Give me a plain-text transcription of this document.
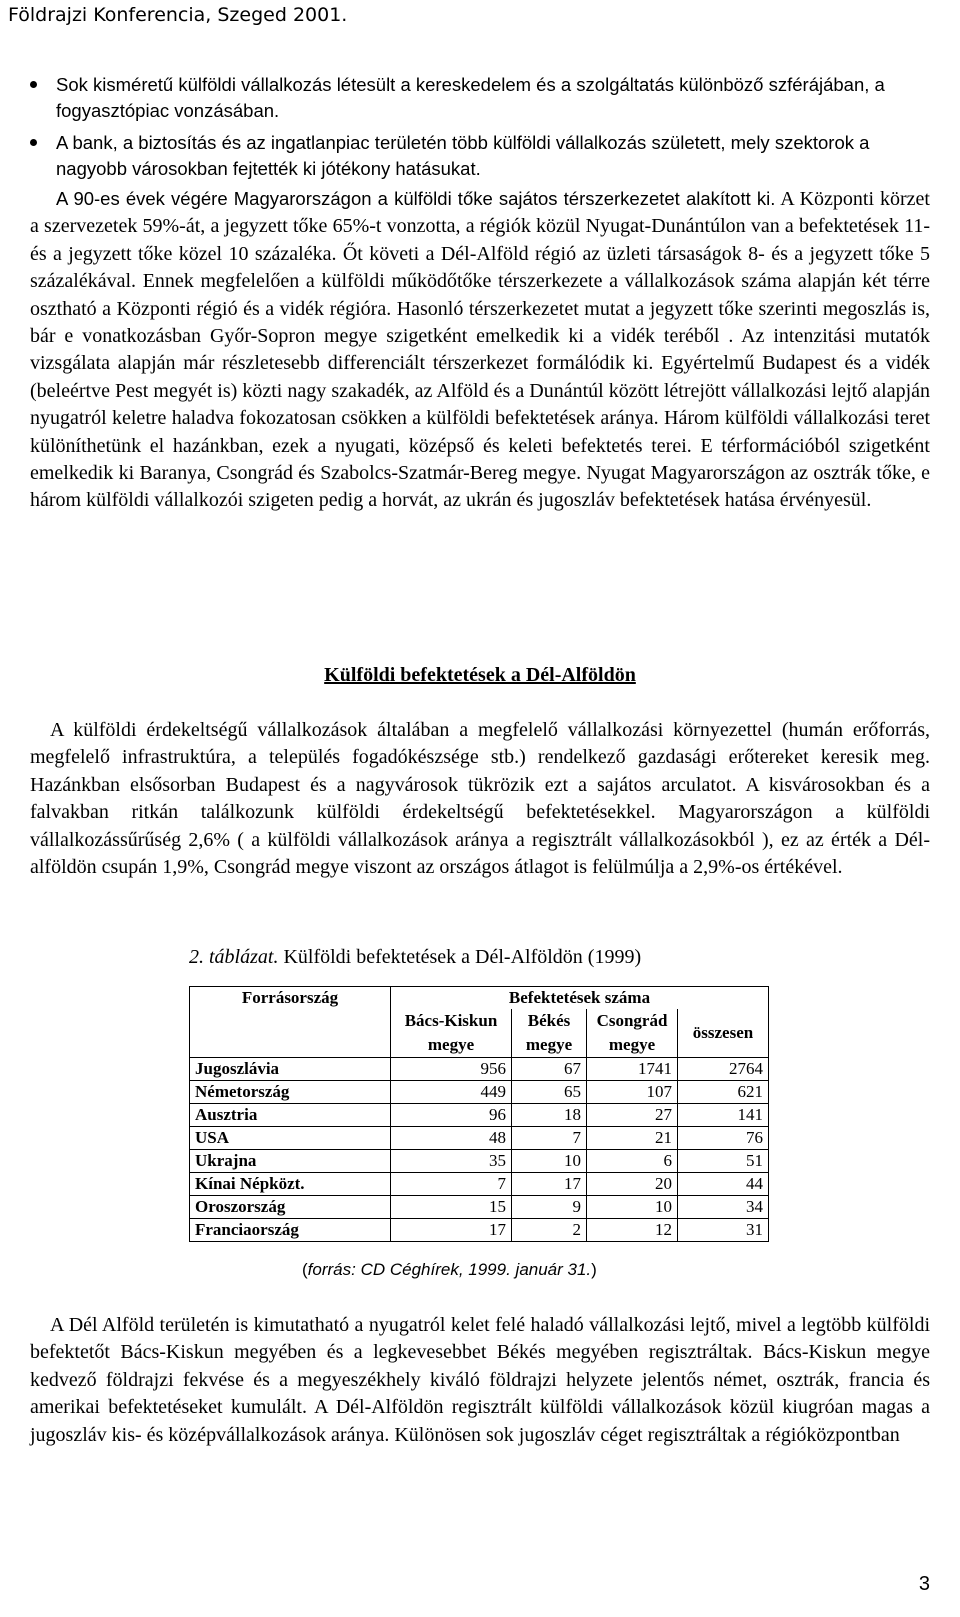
Földrajzi Konferencia, Szeged 2001.
Sok kisméretű külföldi vállalkozás létesült a kereskedelem és a szolgáltatás különböző szférájában, a fogyasztópiac vonzásában.
A bank, a biztosítás és az ingatlanpiac területén több külföldi vállalkozás született, mely szektorok a nagyobb városokban fejtették ki jótékony hatásukat.
A 90-es évek végére Magyarországon a külföldi tőke sajátos térszerkezetet alakított ki. A Központi körzet a szervezetek 59%-át, a jegyzett tőke 65%-t vonzotta, a régiók közül Nyugat-Dunántúlon van a befektetések 11- és a jegyzett tőke közel 10 százaléka. Őt követi a Dél-Alföld régió az üzleti társaságok 8- és a jegyzett tőke 5 százalékával. Ennek megfelelően a külföldi működőtőke térszerkezete a vállalkozások száma alapján két térre osztható a Központi régió és a vidék régióra. Hasonló térszerkezetet mutat a jegyzett tőke szerinti megoszlás is, bár e vonatkozásban Győr-Sopron megye szigetként emelkedik ki a vidék teréből . Az intenzitási mutatók vizsgálata alapján már részletesebb differenciált térszerkezet formálódik ki. Egyértelmű Budapest és a vidék (beleértve Pest megyét is) közti nagy szakadék, az Alföld és a Dunántúl között létrejött vállalkozási lejtő alapján nyugatról keletre haladva fokozatosan csökken a külföldi befektetések aránya. Három külföldi vállalkozási teret különíthetünk el hazánkban, ezek a nyugati, középső és keleti befektetés terei. E térformációból szigetként emelkedik ki Baranya, Csongrád és Szabolcs-Szatmár-Bereg megye. Nyugat Magyarországon az osztrák tőke, e három külföldi vállalkozói szigeten pedig a horvát, az ukrán és jugoszláv befektetések hatása érvényesül.
Külföldi befektetések a Dél-Alföldön
A külföldi érdekeltségű vállalkozások általában a megfelelő vállalkozási környezettel (humán erőforrás, megfelelő infrastruktúra, a település fogadókészsége stb.) rendelkező gazdasági erőtereket keresik meg. Hazánkban elsősorban Budapest és a nagyvárosok tükrözik ezt a sajátos arculatot. A kisvárosokban és a falvakban ritkán találkozunk külföldi érdekeltségű befektetésekkel. Magyarországon a külföldi vállalkozássűrűség 2,6% ( a külföldi vállalkozások aránya a regisztrált vállalkozásokból ), ez az érték a Dél-alföldön csupán 1,9%, Csongrád megye viszont az országos átlagot is felülmúlja a 2,9%-os értékével.
2. táblázat. Külföldi befektetések a Dél-Alföldön (1999)
Forrásország	Befektetések száma			
	Bács-Kiskun megye	Békés megye	Csongrád megye	összesen
Jugoszlávia	956	67	1741	2764
Németország	449	65	107	621
Ausztria	96	18	27	141
USA	48	7	21	76
Ukrajna	35	10	6	51
Kínai Népközt.	7	17	20	44
Oroszország	15	9	10	34
Franciaország	17	2	12	31
(forrás: CD Céghírek, 1999. január 31.)
A Dél Alföld területén is kimutatható a nyugatról kelet felé haladó vállalkozási lejtő, mivel a legtöbb külföldi befektetőt Bács-Kiskun megyében és a legkevesebbet Békés megyében regisztráltak. Bács-Kiskun megye kedvező földrajzi fekvése és a megyeszékhely kiváló földrajzi helyzete jelentős német, osztrák, francia és amerikai befektetéseket kumulált. A Dél-Alföldön regisztrált külföldi vállalkozások közül kiugróan magas a jugoszláv kis- és középvállalkozások aránya. Különösen sok jugoszláv céget regisztráltak a régióközpontban
3
